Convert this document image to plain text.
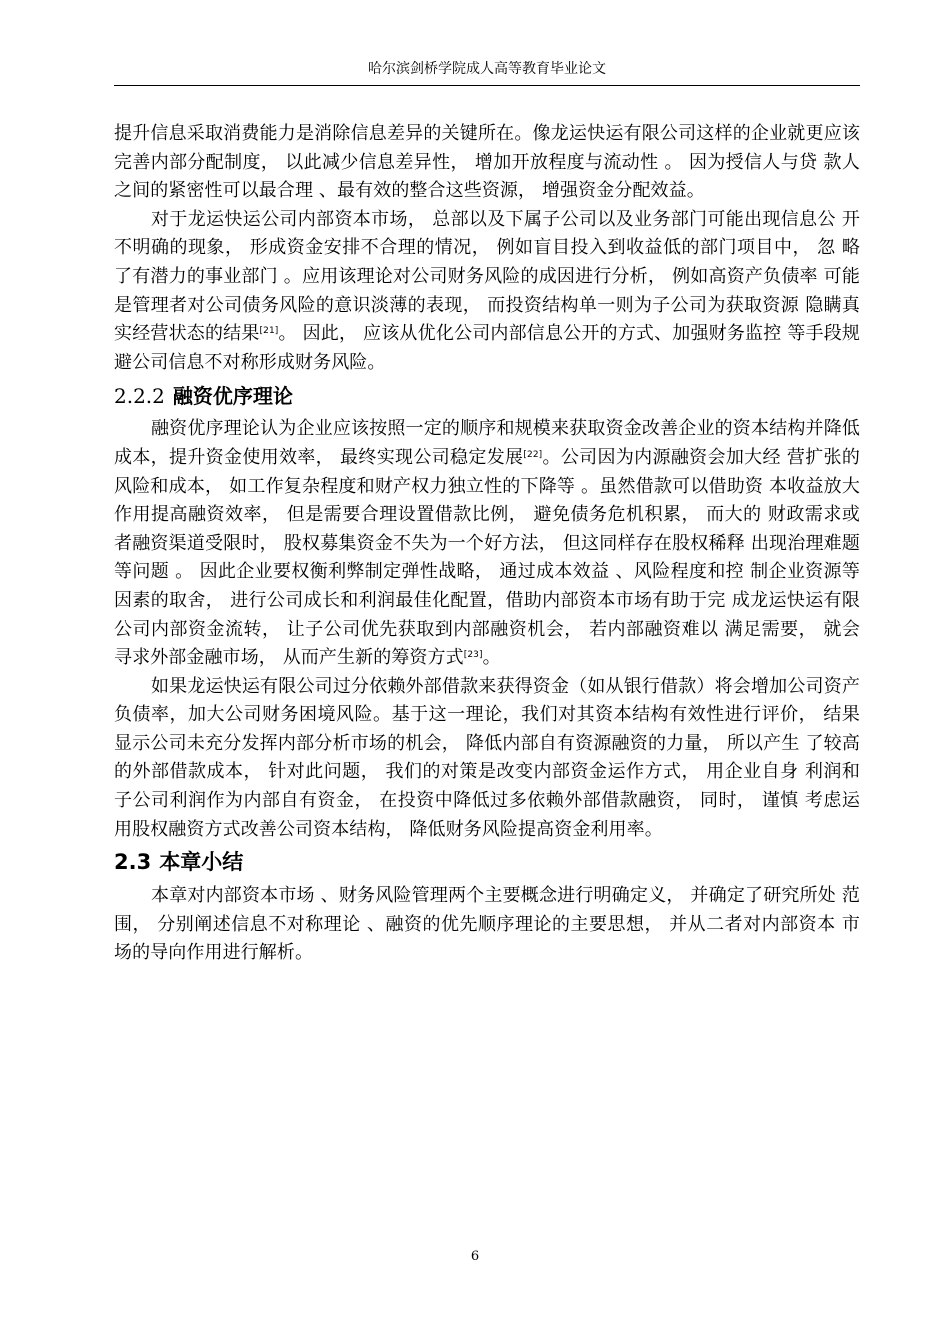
哈尔滨剑桥学院成人高等教育毕业论文

提升信息采取消费能力是消除信息差异的关键所在。像龙运快运有限公司这样的企业就更应该完善内部分配制度， 以此减少信息差异性， 增加开放程度与流动性 。 因为授信人与贷 款人之间的紧密性可以最合理 、最有效的整合这些资源， 增强资金分配效益。

对于龙运快运公司内部资本市场， 总部以及下属子公司以及业务部门可能出现信息公 开不明确的现象， 形成资金安排不合理的情况， 例如盲目投入到收益低的部门项目中， 忽 略了有潜力的事业部门 。应用该理论对公司财务风险的成因进行分析， 例如高资产负债率 可能是管理者对公司债务风险的意识淡薄的表现， 而投资结构单一则为子公司为获取资源 隐瞒真实经营状态的结果[21]。 因此， 应该从优化公司内部信息公开的方式、加强财务监控 等手段规避公司信息不对称形成财务风险。

2.2.2 融资优序理论

融资优序理论认为企业应该按照一定的顺序和规模来获取资金改善企业的资本结构并降低成本，提升资金使用效率， 最终实现公司稳定发展[22]。公司因为内源融资会加大经 营扩张的风险和成本， 如工作复杂程度和财产权力独立性的下降等 。虽然借款可以借助资 本收益放大作用提高融资效率， 但是需要合理设置借款比例， 避免债务危机积累， 而大的 财政需求或者融资渠道受限时， 股权募集资金不失为一个好方法， 但这同样存在股权稀释 出现治理难题等问题 。 因此企业要权衡利弊制定弹性战略， 通过成本效益 、风险程度和控 制企业资源等因素的取舍， 进行公司成长和利润最佳化配置，借助内部资本市场有助于完 成龙运快运有限公司内部资金流转， 让子公司优先获取到内部融资机会， 若内部融资难以 满足需要， 就会寻求外部金融市场， 从而产生新的筹资方式[23]。

如果龙运快运有限公司过分依赖外部借款来获得资金（如从银行借款）将会增加公司资产负债率，加大公司财务困境风险。基于这一理论，我们对其资本结构有效性进行评价， 结果显示公司未充分发挥内部分析市场的机会， 降低内部自有资源融资的力量， 所以产生 了较高的外部借款成本， 针对此问题， 我们的对策是改变内部资金运作方式， 用企业自身 利润和子公司利润作为内部自有资金， 在投资中降低过多依赖外部借款融资， 同时， 谨慎 考虑运用股权融资方式改善公司资本结构， 降低财务风险提高资金利用率。

2.3 本章小结

本章对内部资本市场 、财务风险管理两个主要概念进行明确定义， 并确定了研究所处 范围， 分别阐述信息不对称理论 、融资的优先顺序理论的主要思想， 并从二者对内部资本 市场的导向作用进行解析。

6
